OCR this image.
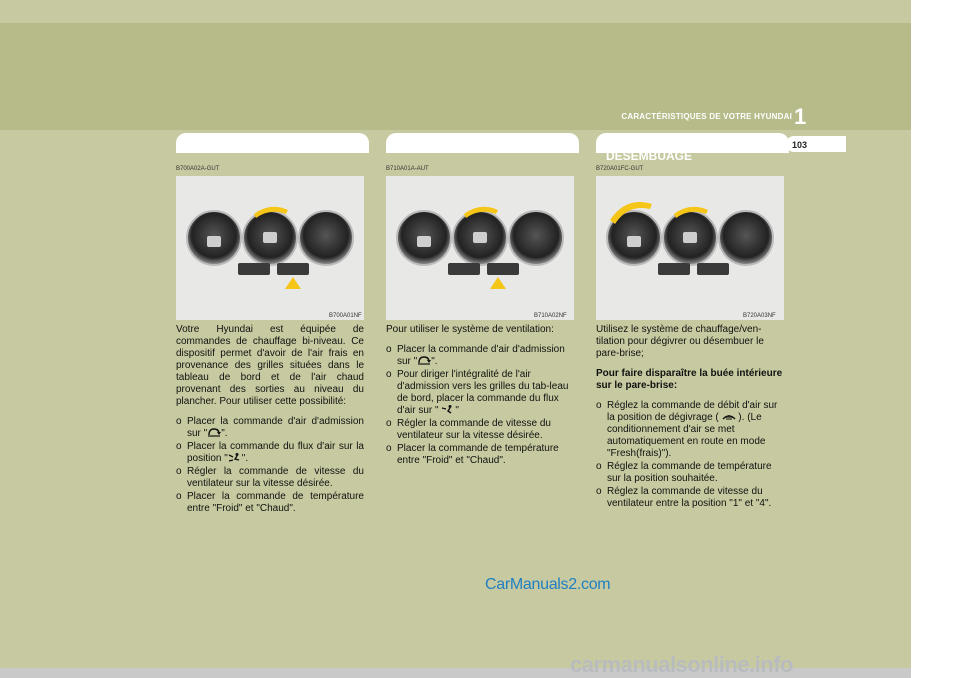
CARACTÉRISTIQUES DE VOTRE HYUNDAI 1
103
CHAUFFAGE BI-NIVEAU	VENTILATION	DEGIVRAGE/
DESEMBUAGE
B700A02A-GUT	B710A01A-AUT	B720A01FC-GUT
B700A01NF	B710A02NF	B720A03NF

Votre Hyundai est équipée de commandes de chauffage bi-niveau. Ce dispositif permet d'avoir de l'air frais en provenance des grilles situées dans le tableau de bord et de l'air chaud provenant des sorties au niveau du plancher. Pour utiliser cette possibilité:

o Placer la commande d'air d'admission sur " ".
o Placer la commande du flux d'air sur la position " ".
o Régler la commande de vitesse du ventilateur sur la vitesse désirée.
o Placer la commande de température entre "Froid" et "Chaud".

Pour utiliser le système de ventilation:

o Placer la commande d'air d'admission sur " ".
o Pour diriger l'intégralité de l'air d'admission vers les grilles du tab-leau de bord, placer la commande du flux d'air sur " "
o Régler la commande de vitesse du ventilateur sur la vitesse désirée.
o Placer la commande de température entre "Froid" et "Chaud".

Utilisez le système de chauffage/ven-tilation pour dégivrer ou désembuer le pare-brise;

Pour faire disparaître la buée intérieure sur le pare-brise:

o Réglez la commande de débit d'air sur la position de dégivrage (  ). (Le conditionnement d'air se met automatiquement en route en mode "Fresh(frais)").
o Réglez la commande de température sur la position souhaitée.
o Réglez la commande de vitesse du ventilateur entre la position "1" et "4".
CarManuals2.com
carmanualsonline.info
